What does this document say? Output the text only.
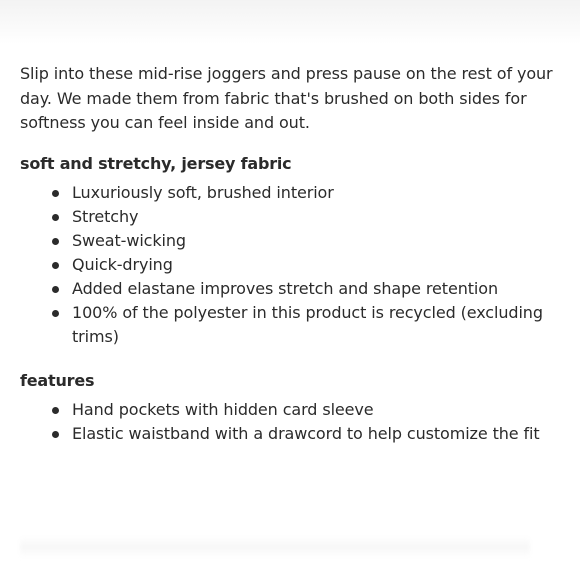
Slip into these mid-rise joggers and press pause on the rest of your day. We made them from fabric that's brushed on both sides for softness you can feel inside and out.

soft and stretchy, jersey fabric
Luxuriously soft, brushed interior
Stretchy
Sweat-wicking
Quick-drying
Added elastane improves stretch and shape retention
100% of the polyester in this product is recycled (excluding trims)
features
Hand pockets with hidden card sleeve
Elastic waistband with a drawcord to help customize the fit
